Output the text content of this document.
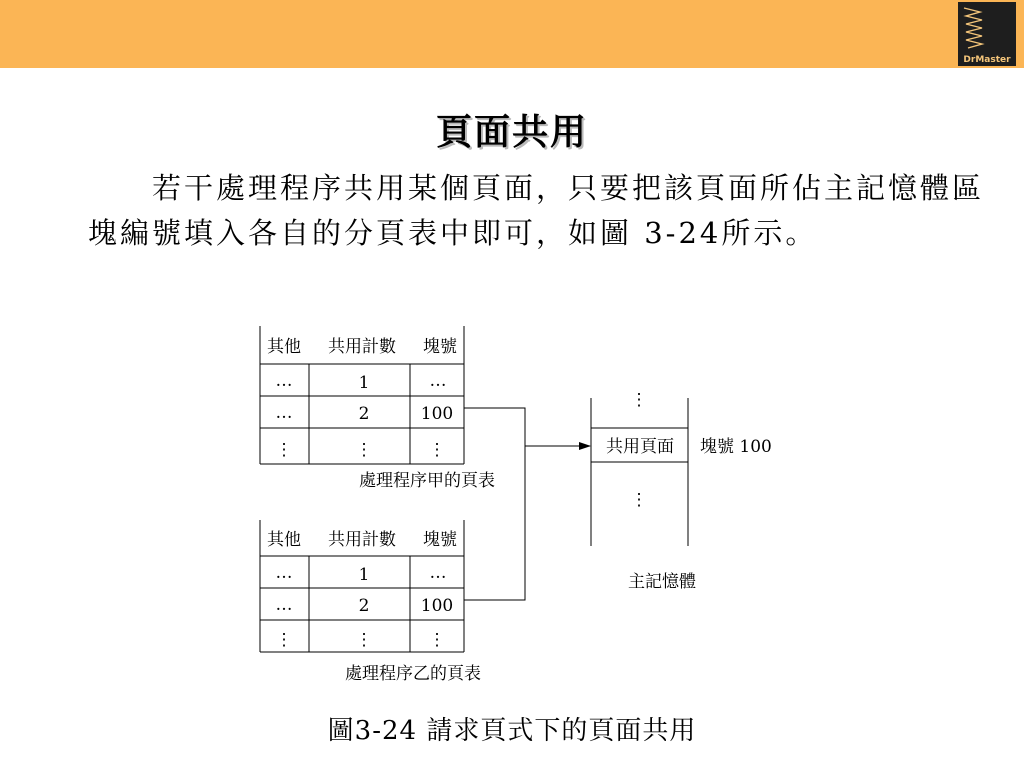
DrMaster
頁面共用
　　若干處理程序共用某個頁面，只要把該頁面所佔主記憶體區塊編號填入各自的分頁表中即可，如圖 3-24所示。
其他 共用計數 塊號
…	1	…
…	2	100
⋮	⋮	⋮
處理程序甲的頁表
其他 共用計數 塊號
…	1	…
…	2	100
⋮	⋮	⋮
處理程序乙的頁表
⋮
共用頁面
⋮
塊號 100
主記憶體
圖3-24 請求頁式下的頁面共用
